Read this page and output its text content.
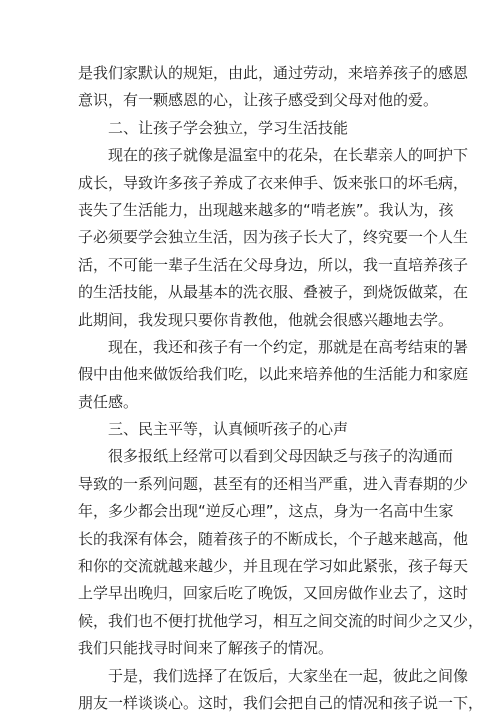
是我们家默认的规矩，由此，通过劳动，来培养孩子的感恩
意识，有一颗感恩的心，让孩子感受到父母对他的爱。
　　二、让孩子学会独立，学习生活技能
　　现在的孩子就像是温室中的花朵，在长辈亲人的呵护下
成长，导致许多孩子养成了衣来伸手、饭来张口的坏毛病，
丧失了生活能力，出现越来越多的“啃老族”。我认为，孩
子必须要学会独立生活，因为孩子长大了，终究要一个人生
活，不可能一辈子生活在父母身边，所以，我一直培养孩子
的生活技能，从最基本的洗衣服、叠被子，到烧饭做菜，在
此期间，我发现只要你肯教他，他就会很感兴趣地去学。
　　现在，我还和孩子有一个约定，那就是在高考结束的暑
假中由他来做饭给我们吃，以此来培养他的生活能力和家庭
责任感。
　　三、民主平等，认真倾听孩子的心声
　　很多报纸上经常可以看到父母因缺乏与孩子的沟通而
导致的一系列问题，甚至有的还相当严重，进入青春期的少
年，多少都会出现“逆反心理”，这点，身为一名高中生家
长的我深有体会，随着孩子的不断成长，个子越来越高，他
和你的交流就越来越少，并且现在学习如此紧张，孩子每天
上学早出晚归，回家后吃了晚饭，又回房做作业去了，这时
候，我们也不便打扰他学习，相互之间交流的时间少之又少，
我们只能找寻时间来了解孩子的情况。
　　于是，我们选择了在饭后，大家坐在一起，彼此之间像
朋友一样谈谈心。这时，我们会把自己的情况和孩子说一下，
